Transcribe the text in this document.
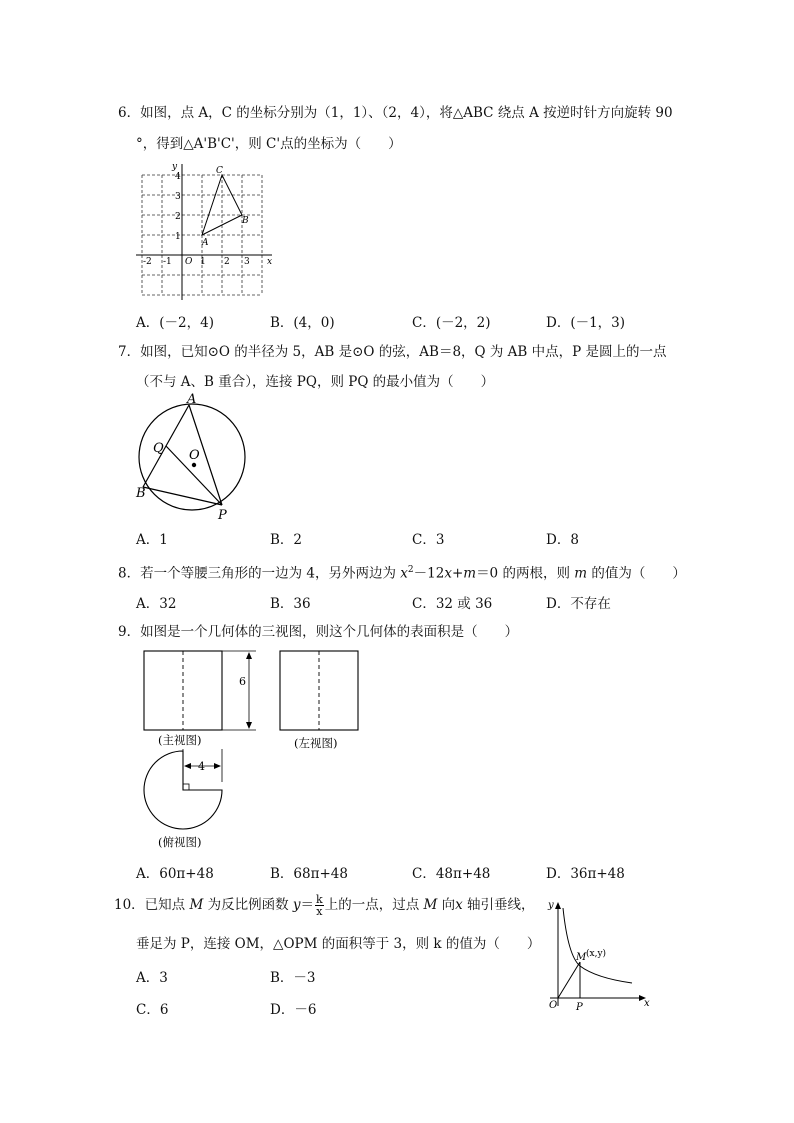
6．如图，点 A，C 的坐标分别为（1，1）、（2，4），将△ABC 绕点 A 按逆时针方向旋转 90
°，得到△A'B'C'，则 C'点的坐标为（　　）
y
x
O
-2 -1	1 2 3
1
2
3
4
A
B
C
A．(－2，4)	B．(4，0)	C．(－2，2)	D．(－1，3)
7．如图，已知⊙O 的半径为 5，AB 是⊙O 的弦，AB＝8，Q 为 AB 中点，P 是圆上的一点
（不与 A、B 重合），连接 PQ，则 PQ 的最小值为（　　）
A
B
Q O
P
A．1	B．2	C．3	D．8
8．若一个等腰三角形的一边为 4，另外两边为 $x^2-12x+m=0$ 的两根，则 m 的值为（　　）
A．32	B．36	C．32 或 36	D．不存在
9．如图是一个几何体的三视图，则这个几何体的表面积是（　　）
6
(主视图)	(左视图)
4
(俯视图)
A．60π+48	B．68π+48	C．48π+48	D．36π+48
10．已知点 M 为反比例函数 $y= \frac{k}{x}$ 上的一点，过点 M 向x 轴引垂线，
垂足为 P，连接 OM，△OPM 的面积等于 3，则 k 的值为（　　）
A．3	B．－3
C．6	D．－6
y
x
O P
M (x,y)
